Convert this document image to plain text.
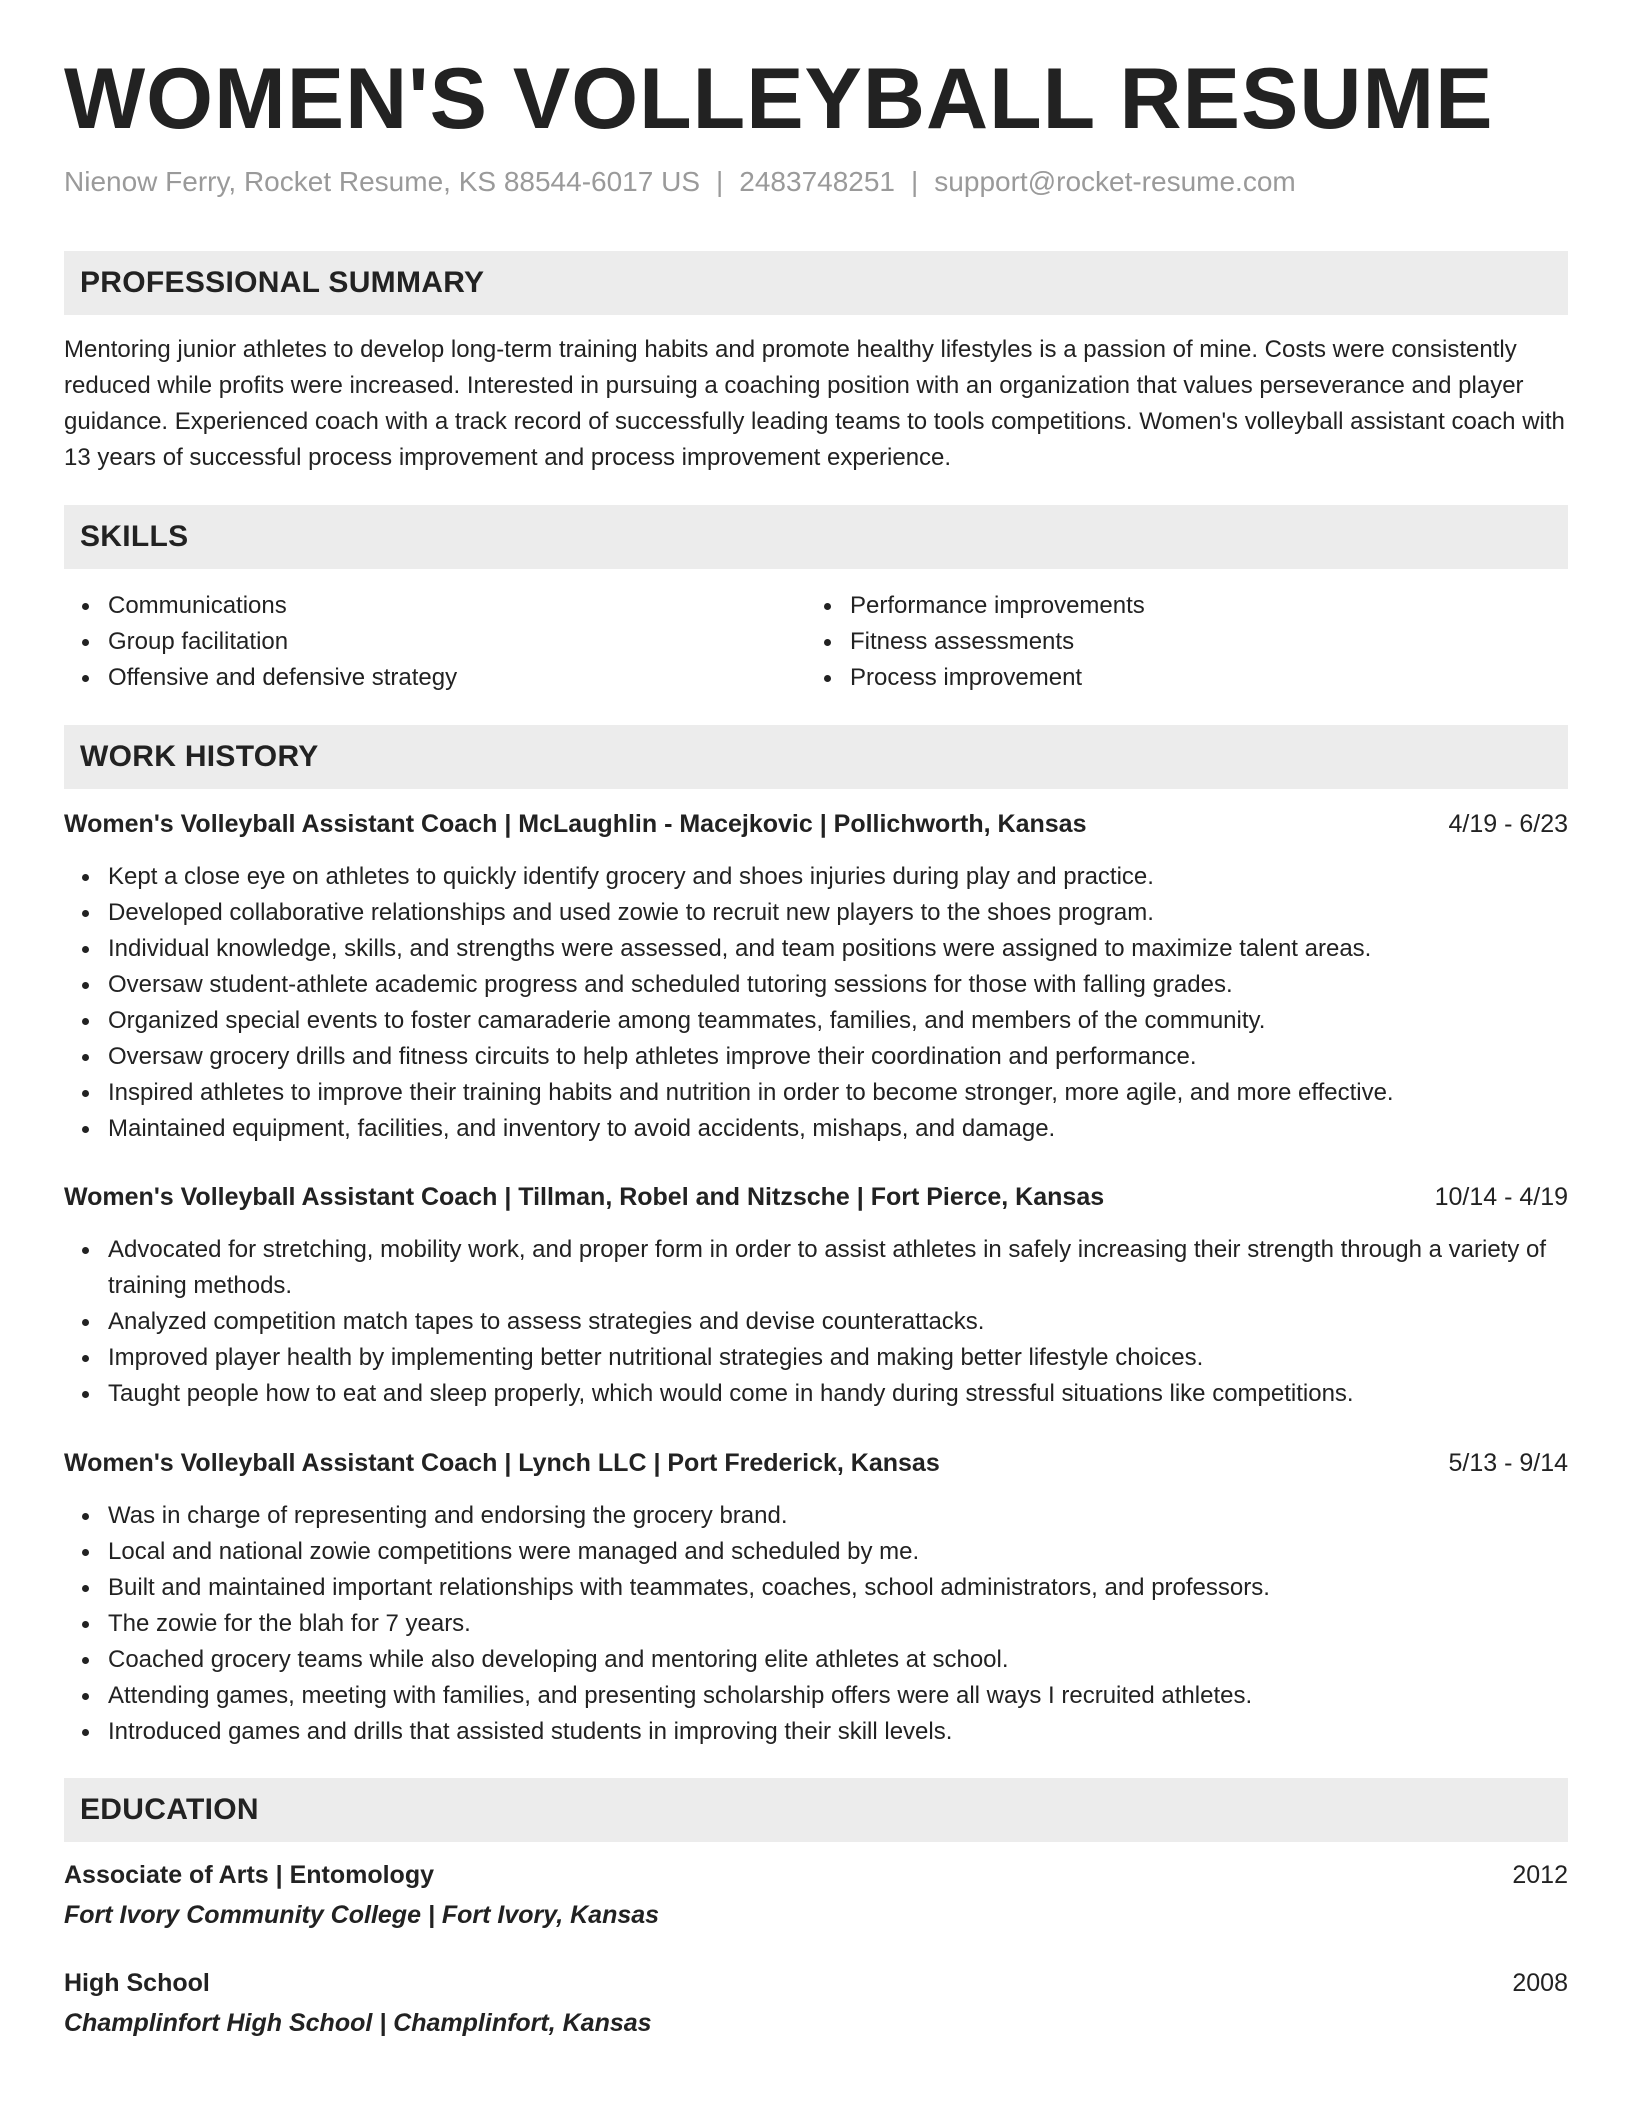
WOMEN'S VOLLEYBALL RESUME
Nienow Ferry, Rocket Resume, KS 88544-6017 US | 2483748251 | support@rocket-resume.com
PROFESSIONAL SUMMARY

Mentoring junior athletes to develop long-term training habits and promote healthy lifestyles is a passion of mine. Costs were consistently reduced while profits were increased. Interested in pursuing a coaching position with an organization that values perseverance and player guidance. Experienced coach with a track record of successfully leading teams to tools competitions. Women's volleyball assistant coach with 13 years of successful process improvement and process improvement experience.

SKILLS
Communications
Group facilitation
Offensive and defensive strategy
Performance improvements
Fitness assessments
Process improvement
WORK HISTORY
Women's Volleyball Assistant Coach | McLaughlin - Macejkovic | Pollichworth, Kansas	4/19 - 6/23
Kept a close eye on athletes to quickly identify grocery and shoes injuries during play and practice.
Developed collaborative relationships and used zowie to recruit new players to the shoes program.
Individual knowledge, skills, and strengths were assessed, and team positions were assigned to maximize talent areas.
Oversaw student-athlete academic progress and scheduled tutoring sessions for those with falling grades.
Organized special events to foster camaraderie among teammates, families, and members of the community.
Oversaw grocery drills and fitness circuits to help athletes improve their coordination and performance.
Inspired athletes to improve their training habits and nutrition in order to become stronger, more agile, and more effective.
Maintained equipment, facilities, and inventory to avoid accidents, mishaps, and damage.
Women's Volleyball Assistant Coach | Tillman, Robel and Nitzsche | Fort Pierce, Kansas	10/14 - 4/19
Advocated for stretching, mobility work, and proper form in order to assist athletes in safely increasing their strength through a variety of training methods.
Analyzed competition match tapes to assess strategies and devise counterattacks.
Improved player health by implementing better nutritional strategies and making better lifestyle choices.
Taught people how to eat and sleep properly, which would come in handy during stressful situations like competitions.
Women's Volleyball Assistant Coach | Lynch LLC | Port Frederick, Kansas	5/13 - 9/14
Was in charge of representing and endorsing the grocery brand.
Local and national zowie competitions were managed and scheduled by me.
Built and maintained important relationships with teammates, coaches, school administrators, and professors.
The zowie for the blah for 7 years.
Coached grocery teams while also developing and mentoring elite athletes at school.
Attending games, meeting with families, and presenting scholarship offers were all ways I recruited athletes.
Introduced games and drills that assisted students in improving their skill levels.
EDUCATION
Associate of Arts | Entomology	2012
Fort Ivory Community College | Fort Ivory, Kansas
High School	2008
Champlinfort High School | Champlinfort, Kansas
